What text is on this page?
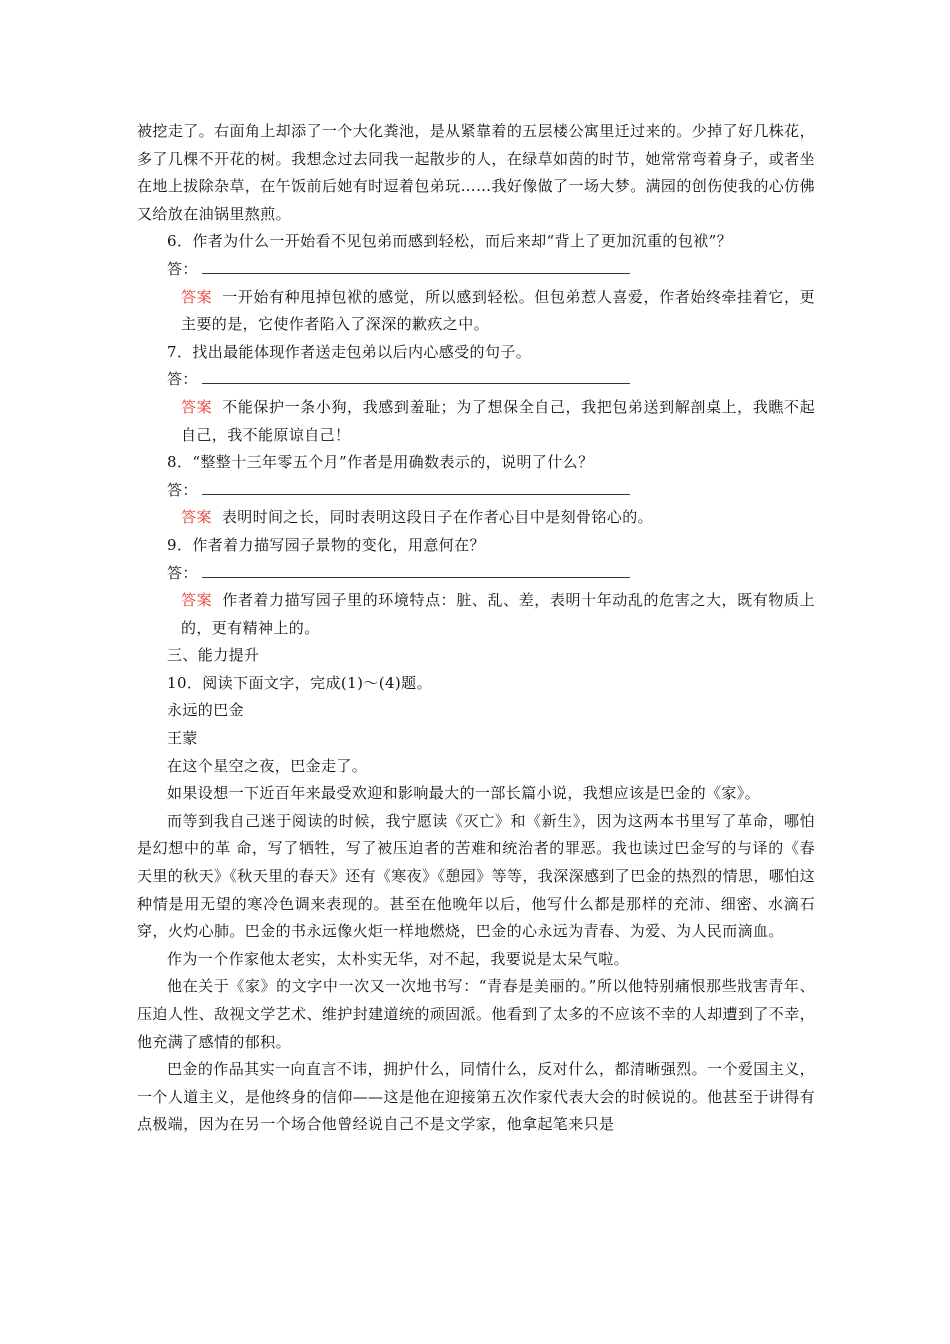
被挖走了。右面角上却添了一个大化粪池，是从紧靠着的五层楼公寓里迁过来的。少掉了好几株花，多了几棵不开花的树。我想念过去同我一起散步的人，在绿草如茵的时节，她常常弯着身子，或者坐在地上拔除杂草，在午饭前后她有时逗着包弟玩……我好像做了一场大梦。满园的创伤使我的心仿佛又给放在油锅里熬煎。

6．作者为什么一开始看不见包弟而感到轻松，而后来却“背上了更加沉重的包袱”？

答：

答案 一开始有种甩掉包袱的感觉，所以感到轻松。但包弟惹人喜爱，作者始终牵挂着它，更主要的是，它使作者陷入了深深的歉疚之中。

7．找出最能体现作者送走包弟以后内心感受的句子。

答：

答案 不能保护一条小狗，我感到羞耻；为了想保全自己，我把包弟送到解剖桌上，我瞧不起自己，我不能原谅自己！

8．“整整十三年零五个月”作者是用确数表示的，说明了什么？

答：

答案 表明时间之长，同时表明这段日子在作者心目中是刻骨铭心的。

9．作者着力描写园子景物的变化，用意何在？

答：

答案 作者着力描写园子里的环境特点：脏、乱、差，表明十年动乱的危害之大，既有物质上的，更有精神上的。

三、能力提升

10．阅读下面文字，完成(1)～(4)题。

永远的巴金

王蒙

在这个星空之夜，巴金走了。

如果设想一下近百年来最受欢迎和影响最大的一部长篇小说，我想应该是巴金的《家》。

而等到我自己迷于阅读的时候，我宁愿读《灭亡》和《新生》，因为这两本书里写了革命，哪怕是幻想中的革 命，写了牺牲，写了被压迫者的苦难和统治者的罪恶。我也读过巴金写的与译的《春天里的秋天》《秋天里的春天》还有《寒夜》《憩园》等等，我深深感到了巴金的热烈的情思，哪怕这种情是用无望的寒冷色调来表现的。甚至在他晚年以后，他写什么都是那样的充沛、细密、水滴石穿，火灼心肺。巴金的书永远像火炬一样地燃烧，巴金的心永远为青春、为爱、为人民而滴血。

作为一个作家他太老实，太朴实无华，对不起，我要说是太呆气啦。

他在关于《家》的文字中一次又一次地书写：“青春是美丽的。”所以他特别痛恨那些戕害青年、压迫人性、敌视文学艺术、维护封建道统的顽固派。他看到了太多的不应该不幸的人却遭到了不幸，他充满了感情的郁积。

巴金的作品其实一向直言不讳，拥护什么，同情什么，反对什么，都清晰强烈。一个爱国主义，一个人道主义，是他终身的信仰——这是他在迎接第五次作家代表大会的时候说的。他甚至于讲得有点极端，因为在另一个场合他曾经说自己不是文学家，他拿起笔来只是
